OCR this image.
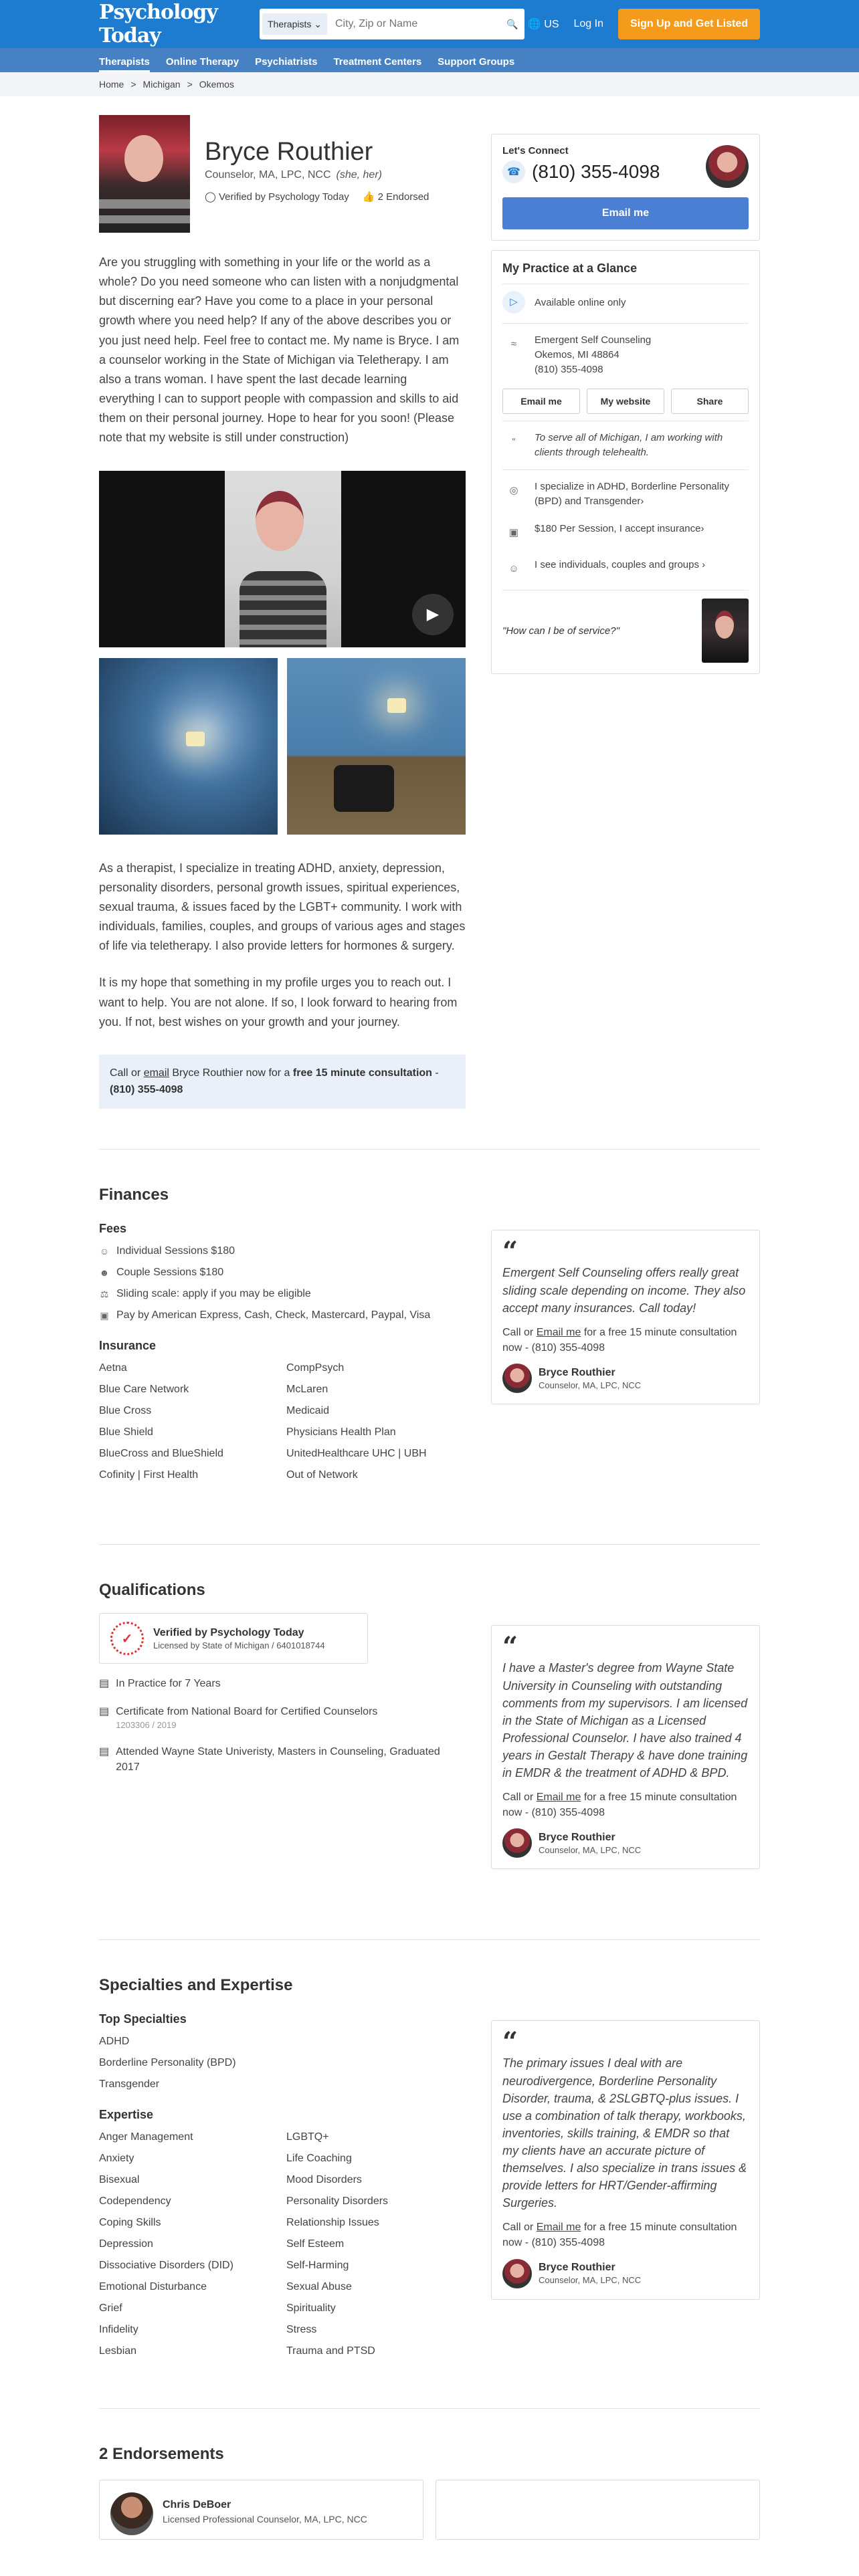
Psychology Today
Therapists ⌄
City, Zip or Name	🔍 🌐 US Log In	Sign Up and Get Listed
Therapists Online Therapy Psychiatrists Treatment Centers Support Groups
Home > Michigan > Okemos
Let's Connect
☎ (810) 355-4098
Email me
My Practice at a Glance
▷	Available online only
≈	Emergent Self Counseling
Okemos, MI 48864
(810) 355-4098
Email me	My website	Share
“	To serve all of Michigan, I am working with clients through telehealth.
◎	I specialize in ADHD, Borderline Personality (BPD) and Transgender›
▣	$180 Per Session, I accept insurance›
☺	I see individuals, couples and groups ›
"How can I be of service?"
Bryce Routhier
Counselor, MA, LPC, NCC (she, her)
◯ Verified by Psychology Today 👍 2 Endorsed
Are you struggling with something in your life or the world as a whole? Do you need someone who can listen with a nonjudgmental but discerning ear? Have you come to a place in your personal growth where you need help? If any of the above describes you or you just need help. Feel free to contact me. My name is Bryce. I am a counselor working in the State of Michigan via Teletherapy. I am also a trans woman. I have spent the last decade learning everything I can to support people with compassion and skills to aid them on their personal journey. Hope to hear for you soon! (Please note that my website is still under construction)
▶
As a therapist, I specialize in treating ADHD, anxiety, depression, personality disorders, personal growth issues, spiritual experiences, sexual trauma, & issues faced by the LGBT+ community. I work with individuals, families, couples, and groups of various ages and stages of life via teletherapy. I also provide letters for hormones & surgery.
It is my hope that something in my profile urges you to reach out. I want to help. You are not alone. If so, I look forward to hearing from you. If not, best wishes on your growth and your journey.
Call or email Bryce Routhier now for a free 15 minute consultation -
(810) 355-4098
Finances
Fees
☺ Individual Sessions $180
☻ Couple Sessions $180
⚖ Sliding scale: apply if you may be eligible
▣ Pay by American Express, Cash, Check, Mastercard, Paypal, Visa
Insurance
Aetna	CompPsych
Blue Care Network	McLaren
Blue Cross	Medicaid
Blue Shield	Physicians Health Plan
BlueCross and BlueShield	UnitedHealthcare UHC | UBH
Cofinity | First Health	Out of Network
“
Emergent Self Counseling offers really great sliding scale depending on income. They also accept many insurances. Call today!
Call or Email me for a free 15 minute consultation now - (810) 355-4098
Bryce Routhier
Counselor, MA, LPC, NCC
Qualifications
✓	Verified by Psychology Today
Licensed by State of Michigan / 6401018744
▤ In Practice for 7 Years
▤ Certificate from National Board for Certified Counselors
1203306 / 2019
▤ Attended Wayne State Univeristy, Masters in Counseling, Graduated 2017
“
I have a Master's degree from Wayne State University in Counseling with outstanding comments from my supervisors. I am licensed in the State of Michigan as a Licensed Professional Counselor. I have also trained 4 years in Gestalt Therapy & have done training in EMDR & the treatment of ADHD & BPD.
Call or Email me for a free 15 minute consultation now - (810) 355-4098
Bryce Routhier
Counselor, MA, LPC, NCC
Specialties and Expertise
Top Specialties
ADHD
Borderline Personality (BPD)
Transgender
Expertise
Anger Management	LGBTQ+
Anxiety	Life Coaching
Bisexual	Mood Disorders
Codependency	Personality Disorders
Coping Skills	Relationship Issues
Depression	Self Esteem
Dissociative Disorders (DID)	Self-Harming
Emotional Disturbance	Sexual Abuse
Grief	Spirituality
Infidelity	Stress
Lesbian	Trauma and PTSD
“
The primary issues I deal with are neurodivergence, Borderline Personality Disorder, trauma, & 2SLGBTQ-plus issues. I use a combination of talk therapy, workbooks, inventories, skills training, & EMDR so that my clients have an accurate picture of themselves. I also specialize in trans issues & provide letters for HRT/Gender-affirming Surgeries.
Call or Email me for a free 15 minute consultation now - (810) 355-4098
Bryce Routhier
Counselor, MA, LPC, NCC
2 Endorsements
Chris DeBoer
Licensed Professional Counselor, MA, LPC, NCC
